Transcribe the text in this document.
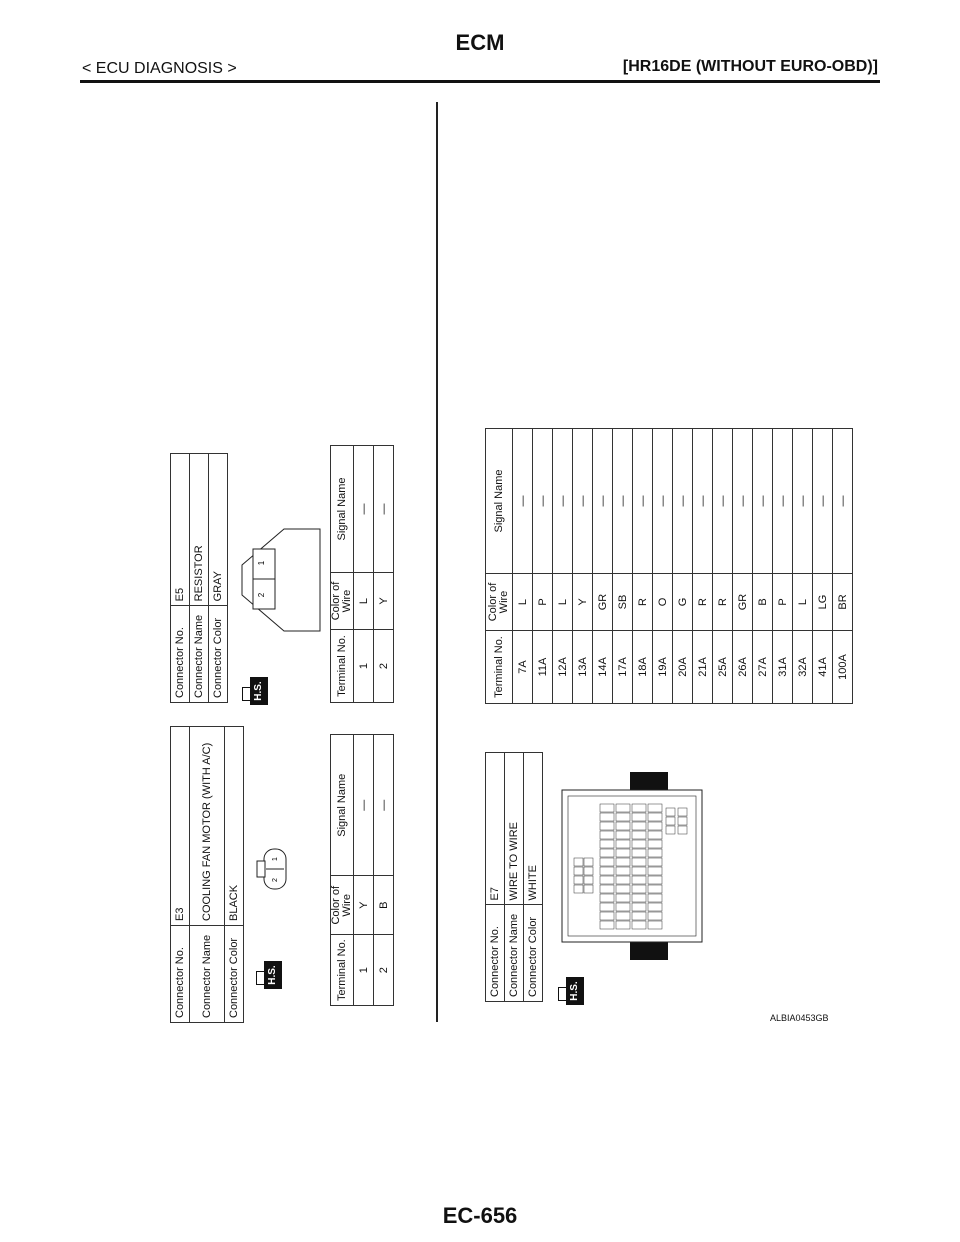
ECM
< ECU DIAGNOSIS >	[HR16DE (WITHOUT EURO-OBD)]
Connector No.	E3
Connector Name	COOLING FAN MOTOR (WITH A/C)
Connector Color	BLACK
H.S.
1
2
Terminal No.	Color of Wire	Signal Name
1	Y	—
2	B	—
Connector No.	E5
Connector Name	RESISTOR
Connector Color	GRAY
H.S.
1
2
Terminal No.	Color of Wire	Signal Name
1	L	—
2	Y	—
Connector No.	E7
Connector Name	WIRE TO WIRE
Connector Color	WHITE
H.S.
Terminal No.	Color of Wire	Signal Name
7A	L	—
11A	P	—
12A	L	—
13A	Y	—
14A	GR	—
17A	SB	—
18A	R	—
19A	O	—
20A	G	—
21A	R	—
25A	R	—
26A	GR	—
27A	B	—
31A	P	—
32A	L	—
41A	LG	—
100A	BR	—
ALBIA0453GB
EC-656
